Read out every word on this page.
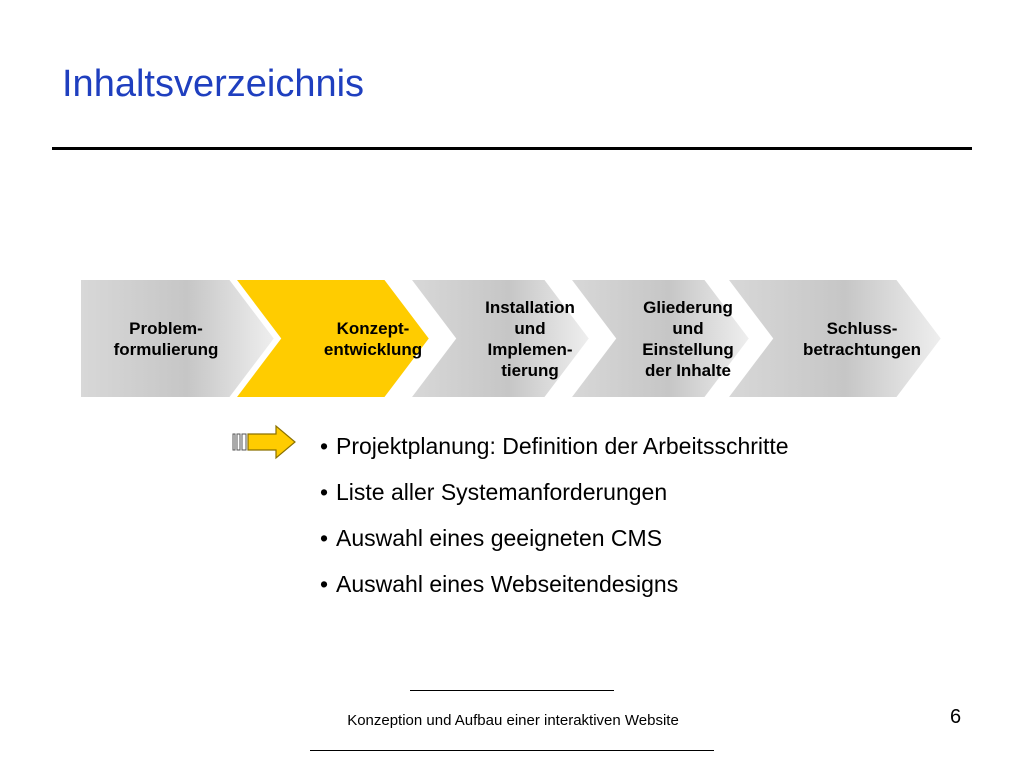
Inhaltsverzeichnis
Problem-
formulierung
Konzept-
entwicklung
Installation
und
Implemen-
tierung
Gliederung
und
Einstellung
der Inhalte
Schluss-
betrachtungen
• Projektplanung: Definition der Arbeitsschritte
• Liste aller Systemanforderungen
• Auswahl eines geeigneten CMS
• Auswahl eines Webseitendesigns
Konzeption und Aufbau einer interaktiven Website	6
